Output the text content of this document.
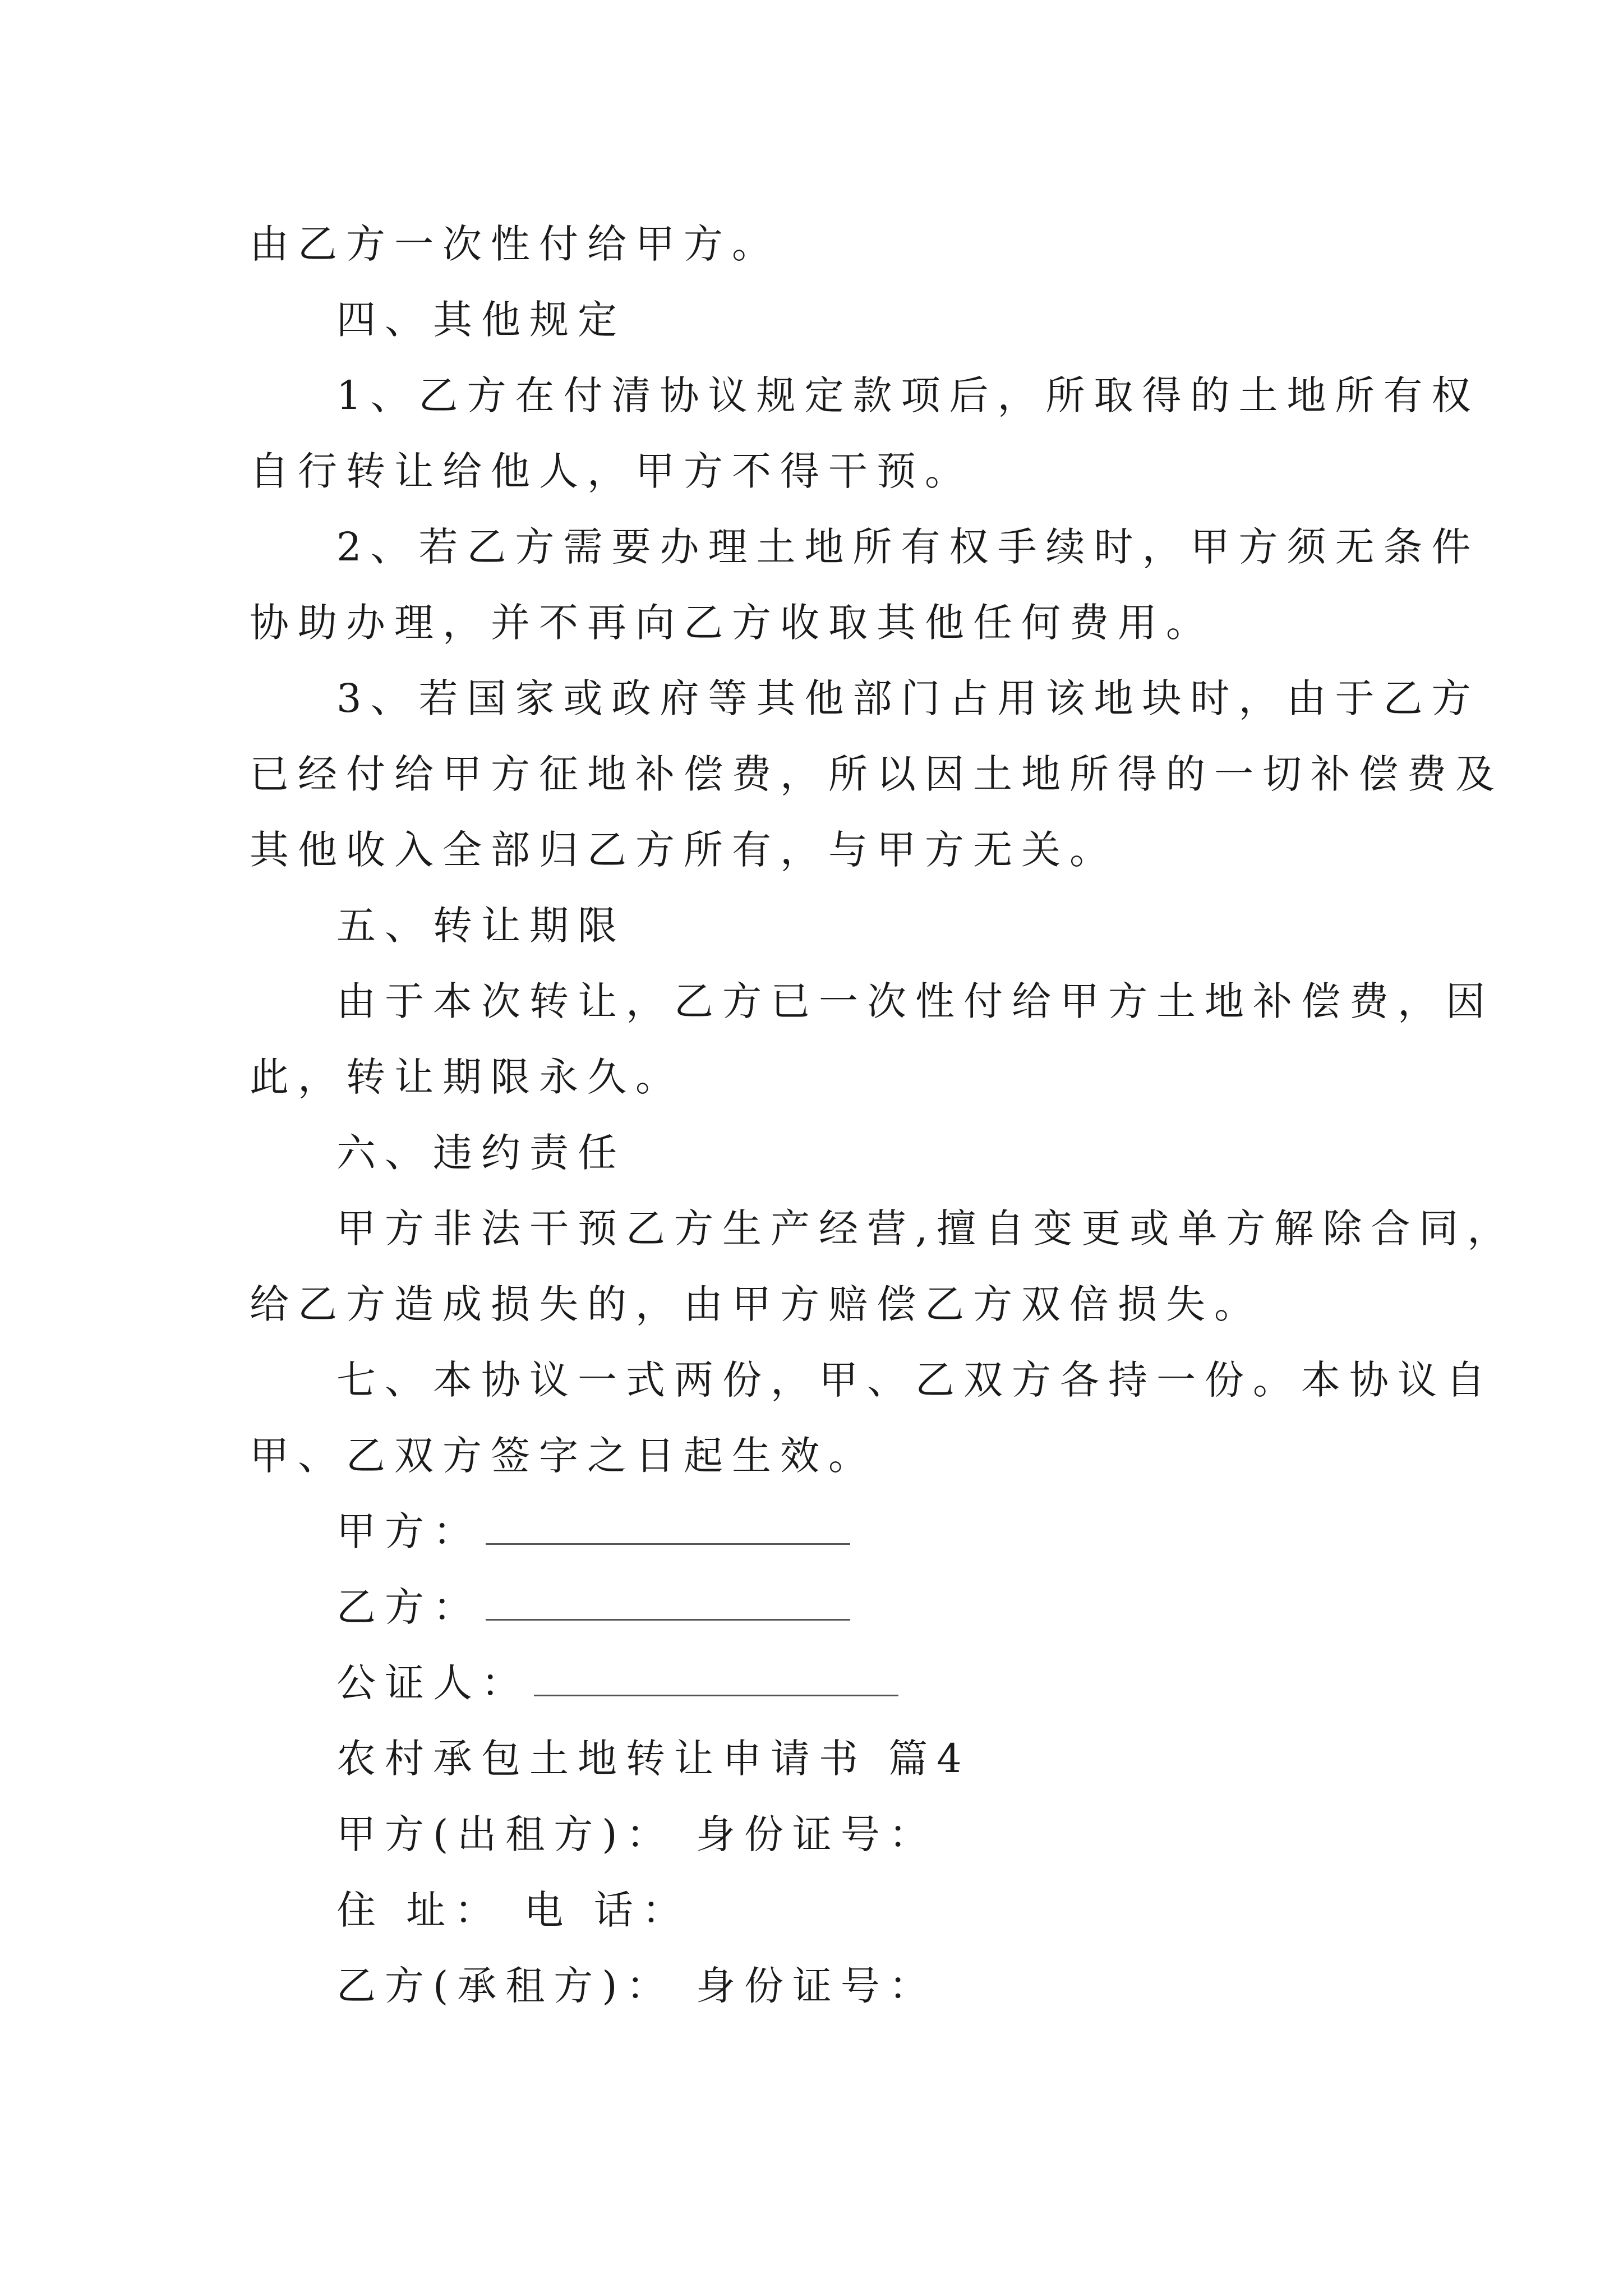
由乙方一次性付给甲方。
四、其他规定
1、乙方在付清协议规定款项后，所取得的土地所有权
自行转让给他人，甲方不得干预。
2、若乙方需要办理土地所有权手续时，甲方须无条件
协助办理，并不再向乙方收取其他任何费用。
3、若国家或政府等其他部门占用该地块时，由于乙方
已经付给甲方征地补偿费，所以因土地所得的一切补偿费及
其他收入全部归乙方所有，与甲方无关。
五、转让期限
由于本次转让，乙方已一次性付给甲方土地补偿费，因
此，转让期限永久。
六、违约责任
甲方非法干预乙方生产经营,擅自变更或单方解除合同，
给乙方造成损失的，由甲方赔偿乙方双倍损失。
七、本协议一式两份，甲、乙双方各持一份。本协议自
甲、乙双方签字之日起生效。
甲方：
乙方：
公证人：
农村承包土地转让申请书 篇4
甲方(出租方)： 身份证号：
住 址： 电 话：
乙方(承租方)： 身份证号：
